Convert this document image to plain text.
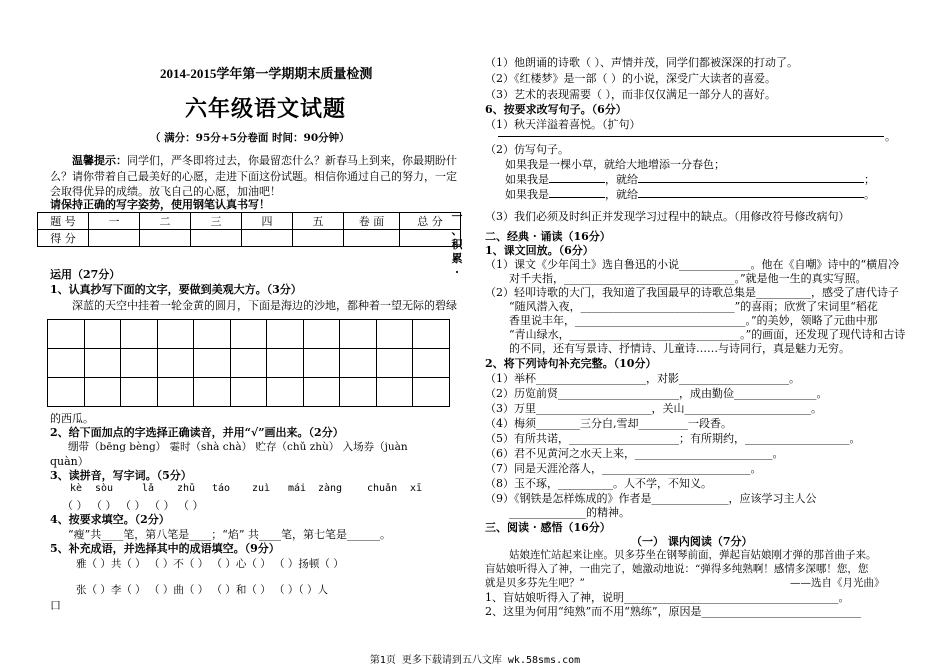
2014-2015学年第一学期期末质量检测
六年级语文试题
（ 满分：95分+5分卷面 时间：90分钟）
温馨提示：同学们，严冬即将过去，你最留恋什么？新春马上到来，你最期盼什
么？请你带着自己最美好的心愿，走进下面这份试题。相信你通过自己的努力，一定
会取得优异的成绩。放飞自己的心愿，加油吧！
请保持正确的写字姿势，使用钢笔认真书写！
题 号	一	二	三	四	五	卷 面	总 分
得 分							
一
、
积
累
·
运用（27分）
1、认真抄写下面的文字，要做到美观大方。（3分）
深蓝的天空中挂着一轮金黄的圆月，下面是海边的沙地，都种着一望无际的碧绿

的西瓜。
2、给下面加点的字选择正确读音，并用“√”画出来。（2分）
绷带（bēng bèng） 霎时（shà chà） 贮存（chǔ zhù） 入场券（juàn
quàn）
3、读拼音，写字词。（5分）
kè sòu	lǎ zhǔ táo zuì mái zàng chuǎn xī
（ ） （ ） （ ） （ ） （ ）
4、按要求填空。（2分）
“瘦”共____笔，第八笔是____；“焰” 共____笔，第七笔是______。
5、补充成语，并选择其中的成语填空。（9分）
雅（ ）共（ ） （ ）不（ ） （ ）心（ ） （ ）扬顿（ ）
张（ ）李（ ） （ ）曲（ ） （ ）和（ ） （ ）（ ）人
口
（1）他朗诵的诗歌（ ）、声情并茂，同学们都被深深的打动了。
（2）《红楼梦》是一部（ ）的小说，深受广大读者的喜爱。
（3）艺术的表现需要（ ），而非仅仅满足一部分人的喜好。
6、按要求改写句子。（6分）
（1）秋天洋溢着喜悦。（扩句）
。
（2）仿写句子。
如果我是一棵小草，就给大地增添一分春色；
如果我是	，就给	；
如果我是	，就给	。
（3）我们必须及时纠正并发现学习过程中的缺点。（用修改符号修改病句）
二、经典 · 诵读（16分）
1、课文回放。（6分）
（1）课文《少年闰土》选自鲁迅的小说_____________。他在《自嘲》诗中的“横眉冷
对千夫指，_______________________________。”就是他一生的真实写照。
（2）轻叩诗歌的大门，我知道了我国最早的诗歌总集是__________，感受了唐代诗子
“随风潜入夜，____________________________”的喜雨；欣赏了宋词里“稻花
香里说丰年，_______________________________。”的美妙，领略了元曲中那
“青山绿水，_______________________________。”的画面，还发现了现代诗和古诗
的不同，还有写景诗、抒情诗、儿童诗……与诗同行，真是魅力无穷。
2、将下列诗句补充完整。（10分）
（1）举杯____________________，对影____________________。
（2）历览前贤______________________，成由勤俭_______________。
（3）万里_____________________，关山_______________________。
（4）梅须________三分白,雪却_________一段香。
（5）有所共诺，____________________；有所期约，___________________。
（6）君不见黄河之水天上来，_________________________。
（7）同是天涯沦落人，___________________________。
（8）玉不琢，__________。人不学，不知义。
（9）《钢铁是怎样炼成的》作者是______________，应该学习主人公
______________的精神。
三、阅读 · 感悟（16分）
（一） 课内阅读（7分）
姑娘连忙站起来让座。贝多芬坐在钢琴前面，弹起盲姑娘刚才弹的那首曲子来。
盲姑娘听得入了神，一曲完了，她激动地说：“弹得多纯熟啊！感情多深哪！您，您
就是贝多芬先生吧？”	——选自《月光曲》
1、盲姑娘听得入了神，说明_______________________________________。
2、这里为何用“纯熟”而不用“熟练”，原因是_____________________________
第1页 更多下载请到五八文库 wk.58sms.com
